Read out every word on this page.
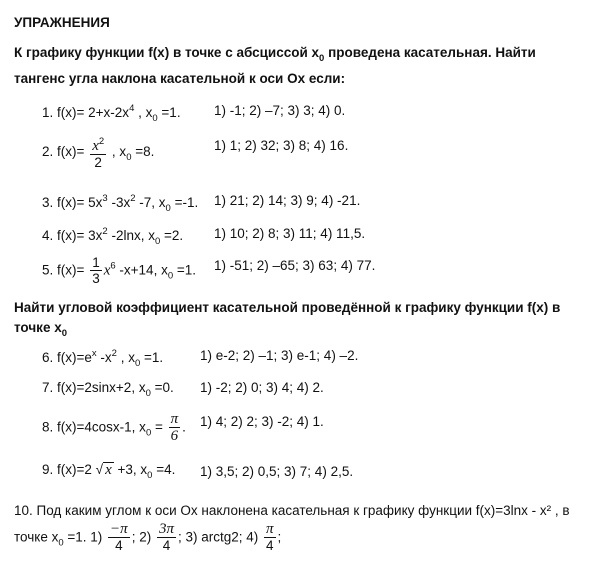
УПРАЖНЕНИЯ
К графику функции f(x) в точке с абсциссой $x_0$ проведена касательная. Найти
тангенс угла наклона касательной к оси Ox если:
1. $f(x)= 2+x-2x^4$ , $x_0 =1$. 1) -1; 2) –7; 3) 3; 4) 0.
2. $f(x)= \frac{x^2}{2}$ , $x_0 =8$.	1) 1; 2) 32; 3) 8; 4) 16.
3. $f(x)= 5x^3$ $-3x^2$ -7, $x_0 =-1$. 1) 21; 2) 14; 3) 9; 4) -21.
4. $f(x)= 3x^2$ -2lnx, $x_0 =2$. 1) 10; 2) 8; 3) 11; 4) 11,5.
5. $f(x)= \frac{1}{3} x^6$ -x+14, $x_0 =1$. 1) -51; 2) –65; 3) 63; 4) 77.
Найти угловой коэффициент касательной проведённой к графику функции f(x) в
точке $x_0$
6. $f(x)=e^x$ $-x^2$ , $x_0 =1$.	1) e-2; 2) –1; 3) e-1; 4) –2.
7. f(x)=2sinx+2, $x_0 =0$. 1) -2; 2) 0; 3) 4; 4) 2.
8. f(x)=4cosx-1, $x_0 = \frac{\pi}{6}$ . 1) 4; 2) 2; 3) -2; 4) 1.
9. f(x)=2 √ x +3, $x_0 =4$. 1) 3,5; 2) 0,5; 3) 7; 4) 2,5.
10. Под каким углом к оси Ox наклонена касательная к графику функции f(x)=3lnx - x² , в
точке $x_0 =1$. $1) \frac{-\pi}{4}$ ; $2) \frac{3\pi}{4}$ ; 3) arctg2; $4) \frac{\pi}{4}$ ;
